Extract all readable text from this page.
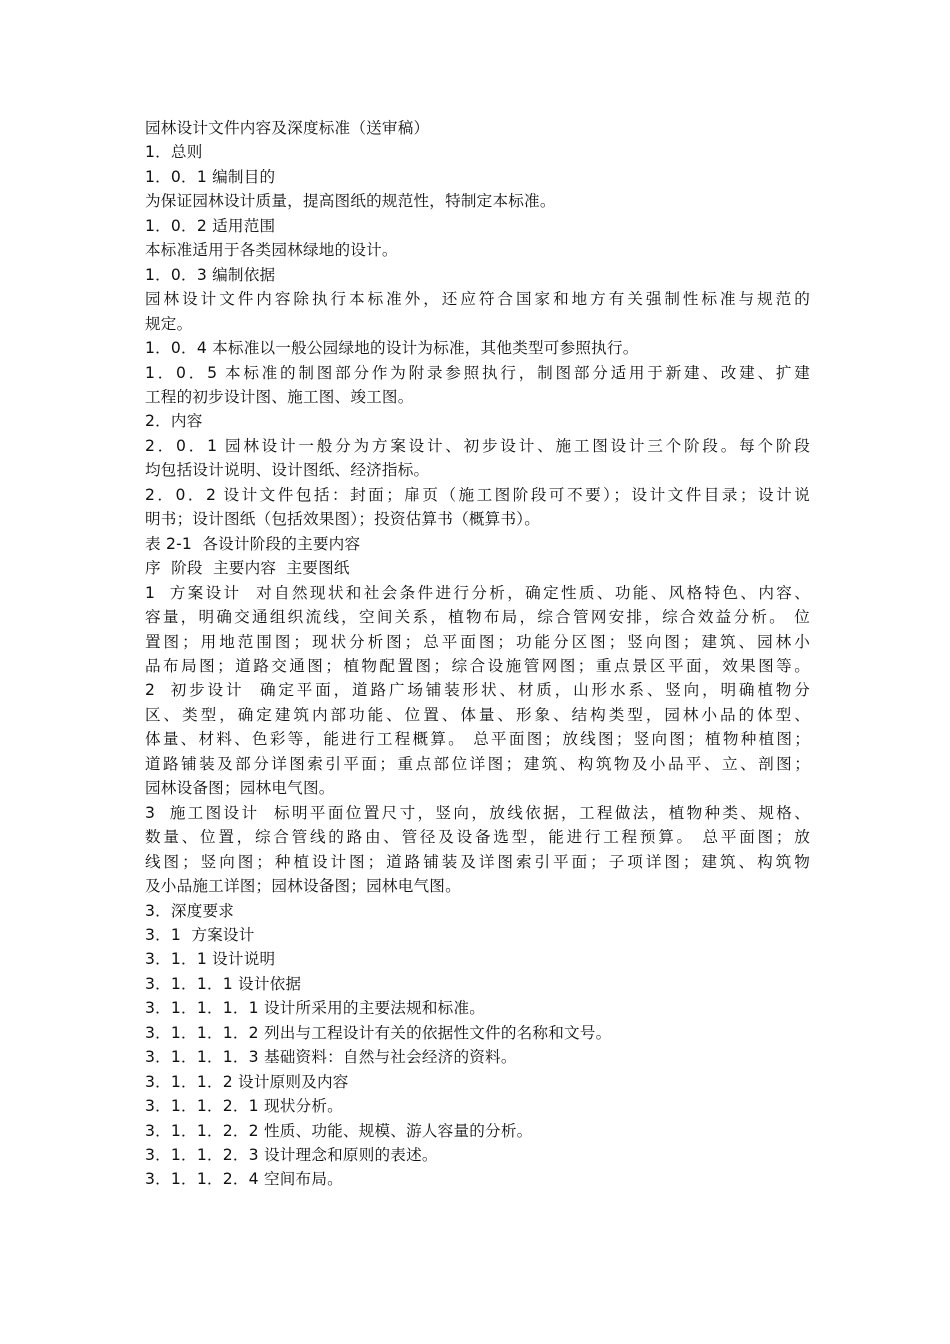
园林设计文件内容及深度标准（送审稿）
1．总则
1．0．1 编制目的
为保证园林设计质量，提高图纸的规范性，特制定本标准。
1．0．2 适用范围
本标准适用于各类园林绿地的设计。
1．0．3 编制依据
园林设计文件内容除执行本标准外，还应符合国家和地方有关强制性标准与规范的
规定。
1．0．4 本标准以一般公园绿地的设计为标准，其他类型可参照执行。
1．0．5 本标准的制图部分作为附录参照执行，制图部分适用于新建、改建、扩建
工程的初步设计图、施工图、竣工图。
2．内容
2．0．1 园林设计一般分为方案设计、初步设计、施工图设计三个阶段。每个阶段
均包括设计说明、设计图纸、经济指标。
2．0．2 设计文件包括：封面；扉页（施工图阶段可不要）；设计文件目录；设计说
明书；设计图纸（包括效果图）；投资估算书（概算书）。
表 2-1  各设计阶段的主要内容
序  阶段  主要内容  主要图纸
1  方案设计  对自然现状和社会条件进行分析，确定性质、功能、风格特色、内容、
容量，明确交通组织流线，空间关系，植物布局，综合管网安排，综合效益分析。 位
置图；用地范围图；现状分析图；总平面图；功能分区图；竖向图；建筑、园林小
品布局图；道路交通图；植物配置图；综合设施管网图；重点景区平面，效果图等。
2  初步设计  确定平面，道路广场铺装形状、材质，山形水系、竖向，明确植物分
区、类型，确定建筑内部功能、位置、体量、形象、结构类型，园林小品的体型、
体量、材料、色彩等，能进行工程概算。 总平面图；放线图；竖向图；植物种植图；
道路铺装及部分详图索引平面；重点部位详图；建筑、构筑物及小品平、立、剖图；
园林设备图；园林电气图。
3  施工图设计  标明平面位置尺寸，竖向，放线依据，工程做法，植物种类、规格、
数量、位置，综合管线的路由、管径及设备选型，能进行工程预算。 总平面图；放
线图；竖向图；种植设计图；道路铺装及详图索引平面；子项详图；建筑、构筑物
及小品施工详图；园林设备图；园林电气图。
3．深度要求
3．1  方案设计
3．1．1 设计说明
3．1．1．1 设计依据
3．1．1．1．1 设计所采用的主要法规和标准。
3．1．1．1．2 列出与工程设计有关的依据性文件的名称和文号。
3．1．1．1．3 基础资料：自然与社会经济的资料。
3．1．1．2 设计原则及内容
3．1．1．2．1 现状分析。
3．1．1．2．2 性质、功能、规模、游人容量的分析。
3．1．1．2．3 设计理念和原则的表述。
3．1．1．2．4 空间布局。
